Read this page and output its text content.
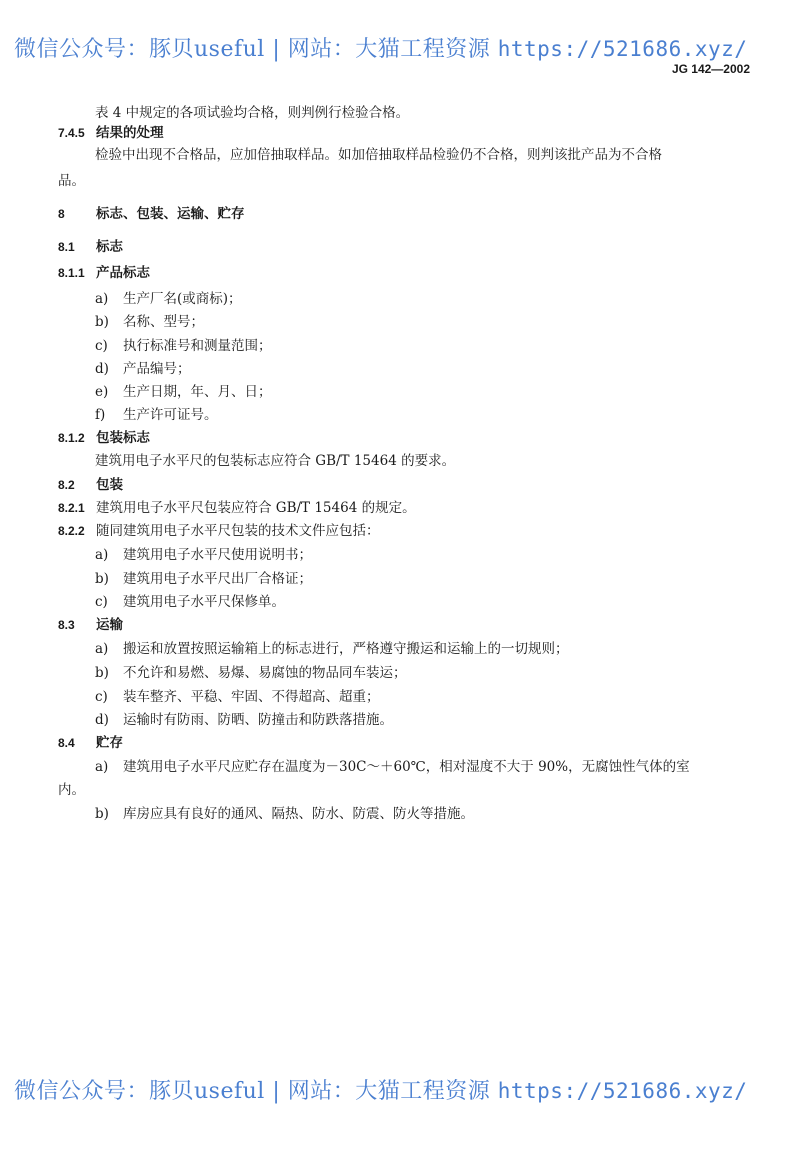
微信公众号：豚贝useful | 网站：大猫工程资源 https://521686.xyz/
JG 142—2002
表 4 中规定的各项试验均合格，则判例行检验合格。
7.4.5 结果的处理
检验中出现不合格品，应加倍抽取样品。如加倍抽取样品检验仍不合格，则判该批产品为不合格
品。
8 标志、包装、运输、贮存
8.1 标志
8.1.1 产品标志
a) 生产厂名(或商标)；
b) 名称、型号；
c) 执行标准号和测量范围；
d) 产品编号；
e) 生产日期，年、月、日；
f) 生产许可证号。
8.1.2 包装标志
建筑用电子水平尺的包装标志应符合 GB/T 15464 的要求。
8.2 包装
8.2.1 建筑用电子水平尺包装应符合 GB/T 15464 的规定。
8.2.2 随同建筑用电子水平尺包装的技术文件应包括：
a) 建筑用电子水平尺使用说明书；
b) 建筑用电子水平尺出厂合格证；
c) 建筑用电子水平尺保修单。
8.3 运输
a) 搬运和放置按照运输箱上的标志进行，严格遵守搬运和运输上的一切规则；
b) 不允许和易燃、易爆、易腐蚀的物品同车装运；
c) 装车整齐、平稳、牢固、不得超高、超重；
d) 运输时有防雨、防晒、防撞击和防跌落措施。
8.4 贮存
a) 建筑用电子水平尺应贮存在温度为－30C～＋60℃，相对湿度不大于 90%，无腐蚀性气体的室
内。
b) 库房应具有良好的通风、隔热、防水、防震、防火等措施。
微信公众号：豚贝useful | 网站：大猫工程资源 https://521686.xyz/
